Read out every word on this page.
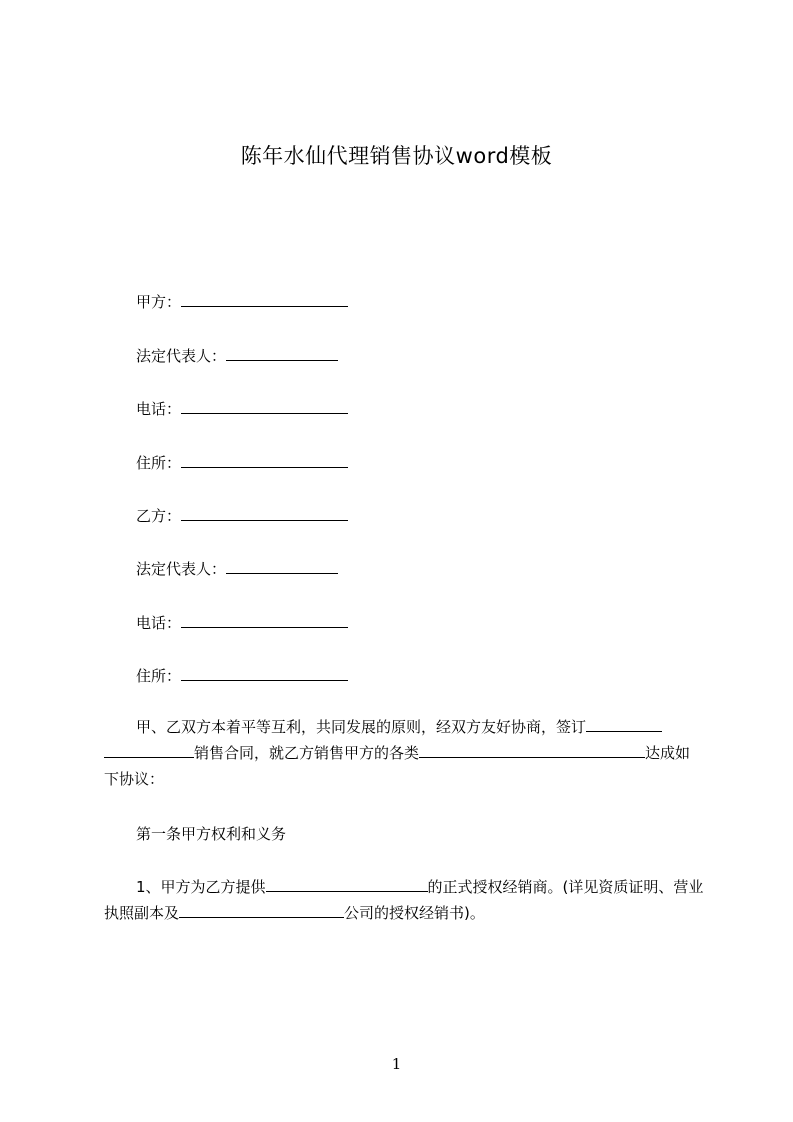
陈年水仙代理销售协议word模板
甲方：
法定代表人：
电话：
住所：
乙方：
法定代表人：
电话：
住所：
甲、乙双方本着平等互利，共同发展的原则，经双方友好协商，签订销售合同，就乙方销售甲方的各类	达成如下协议：
第一条甲方权利和义务
1、甲方为乙方提供	的正式授权经销商。(详见资质证明、营业执照副本及	公司的授权经销书)。
1
